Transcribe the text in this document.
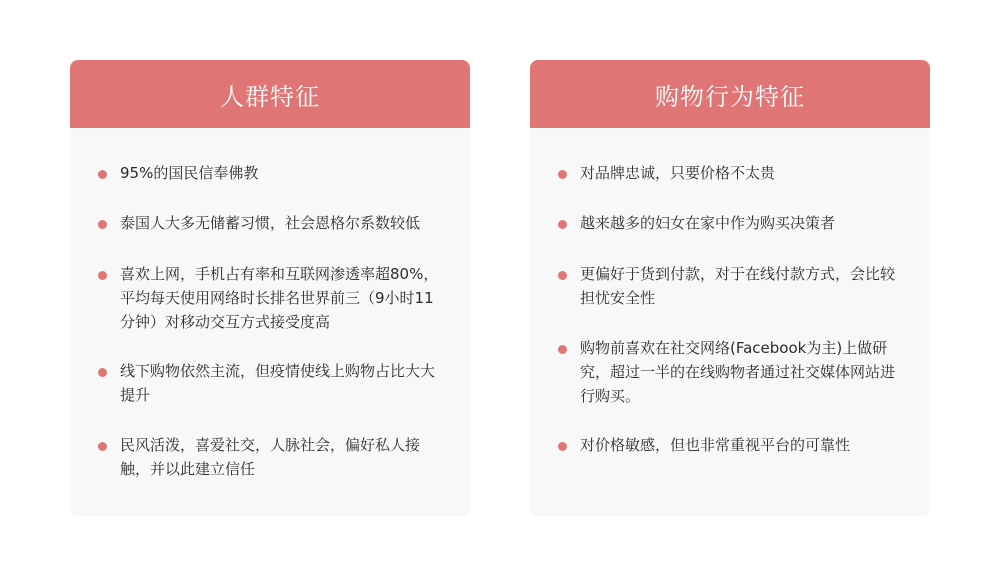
人群特征
95%的国民信奉佛教
泰国人大多无储蓄习惯，社会恩格尔系数较低
喜欢上网，手机占有率和互联网渗透率超80%，平均每天使用网络时长排名世界前三（9小时11分钟）对移动交互方式接受度高
线下购物依然主流，但疫情使线上购物占比大大提升
民风活泼，喜爱社交，人脉社会，偏好私人接触，并以此建立信任
购物行为特征
对品牌忠诚，只要价格不太贵
越来越多的妇女在家中作为购买决策者
更偏好于货到付款，对于在线付款方式，会比较担忧安全性
购物前喜欢在社交网络(Facebook为主)上做研究，超过一半的在线购物者通过社交媒体网站进行购买。
对价格敏感，但也非常重视平台的可靠性
